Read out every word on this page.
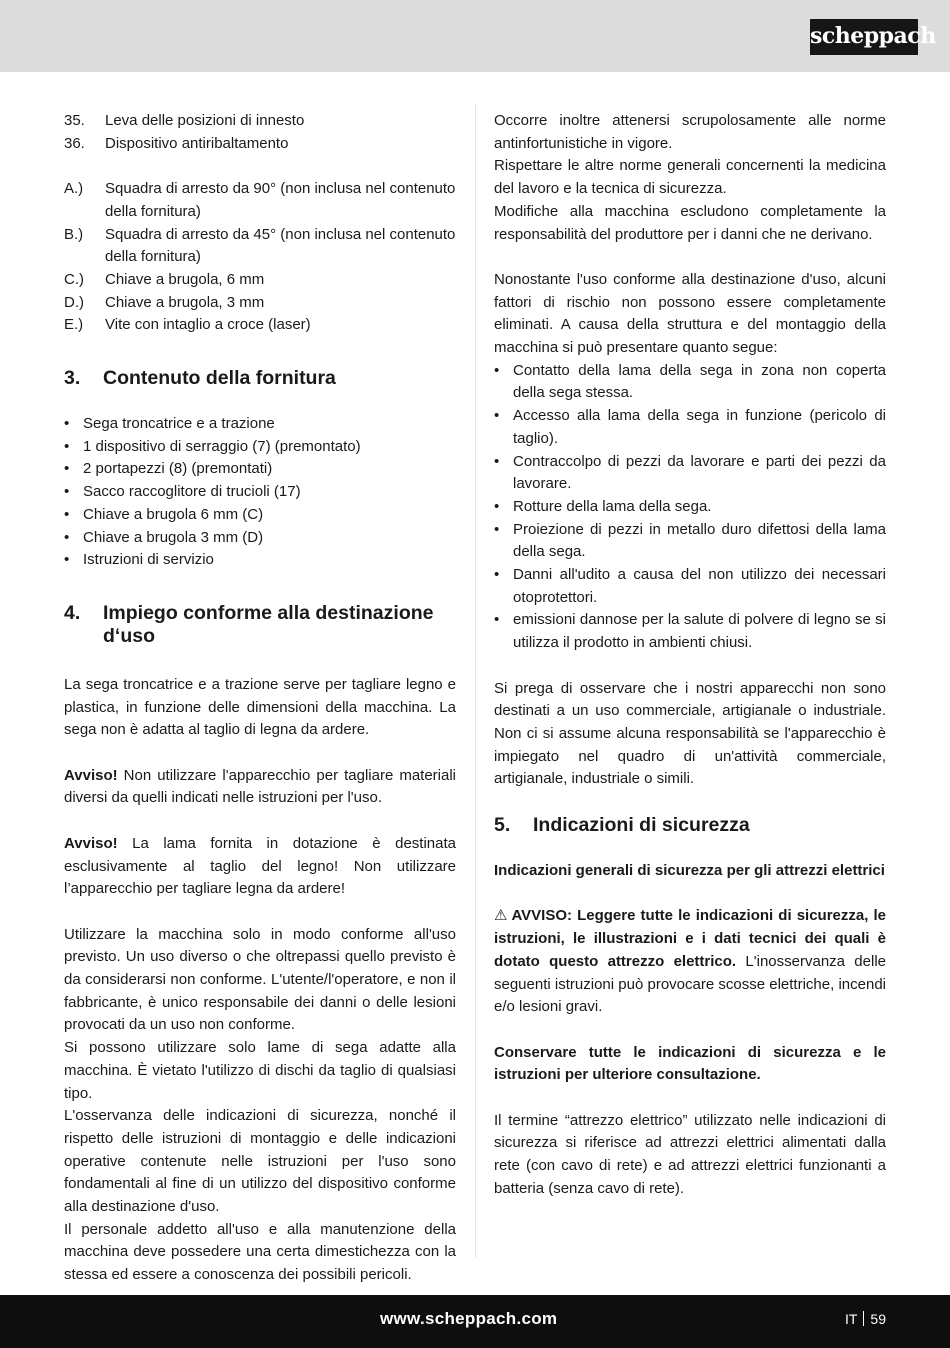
scheppach
35.	Leva delle posizioni di innesto
36.	Dispositivo antiribaltamento
A.)	Squadra di arresto da 90° (non inclusa nel contenuto della fornitura)
B.)	Squadra di arresto da 45° (non inclusa nel contenuto della fornitura)
C.)	Chiave a brugola, 6 mm
D.)	Chiave a brugola, 3 mm
E.)	Vite con intaglio a croce (laser)
3.	Contenuto della fornitura
• Sega troncatrice e a trazione
• 1 dispositivo di serraggio (7) (premontato)
• 2 portapezzi (8) (premontati)
• Sacco raccoglitore di trucioli (17)
• Chiave a brugola 6 mm (C)
• Chiave a brugola 3 mm (D)
• Istruzioni di servizio
4.	Impiego conforme alla destinazione d‘uso

La sega troncatrice e a trazione serve per tagliare legno e plastica, in funzione delle dimensioni della macchina. La sega non è adatta al taglio di legna da ardere.

Avviso! Non utilizzare l'apparecchio per tagliare materiali diversi da quelli indicati nelle istruzioni per l'uso.

Avviso! La lama fornita in dotazione è destinata esclusivamente al taglio del legno! Non utilizzare l’apparecchio per tagliare legna da ardere!

Utilizzare la macchina solo in modo conforme all'uso previsto. Un uso diverso o che oltrepassi quello previsto è da considerarsi non conforme. L'utente/l'operatore, e non il fabbricante, è unico responsabile dei danni o delle lesioni provocati da un uso non conforme.

Si possono utilizzare solo lame di sega adatte alla macchina. È vietato l'utilizzo di dischi da taglio di qualsiasi tipo.

L'osservanza delle indicazioni di sicurezza, nonché il rispetto delle istruzioni di montaggio e delle indicazioni operative contenute nelle istruzioni per l'uso sono fondamentali al fine di un utilizzo del dispositivo conforme alla destinazione d'uso.

Il personale addetto all'uso e alla manutenzione della macchina deve possedere una certa dimestichezza con la stessa ed essere a conoscenza dei possibili pericoli.

Occorre inoltre attenersi scrupolosamente alle norme antinfortunistiche in vigore.

Rispettare le altre norme generali concernenti la medicina del lavoro e la tecnica di sicurezza.

Modifiche alla macchina escludono completamente la responsabilità del produttore per i danni che ne derivano.

Nonostante l'uso conforme alla destinazione d'uso, alcuni fattori di rischio non possono essere completamente eliminati. A causa della struttura e del montaggio della macchina si può presentare quanto segue:

• Contatto della lama della sega in zona non coperta della sega stessa.
• Accesso alla lama della sega in funzione (pericolo di taglio).
• Contraccolpo di pezzi da lavorare e parti dei pezzi da lavorare.
• Rotture della lama della sega.
• Proiezione di pezzi in metallo duro difettosi della lama della sega.
• Danni all'udito a causa del non utilizzo dei necessari otoprotettori.
• emissioni dannose per la salute di polvere di legno se si utilizza il prodotto in ambienti chiusi.

Si prega di osservare che i nostri apparecchi non sono destinati a un uso commerciale, artigianale o industriale. Non ci si assume alcuna responsabilità se l'apparecchio è impiegato nel quadro di un'attività commerciale, artigianale, industriale o simili.

5.	Indicazioni di sicurezza

Indicazioni generali di sicurezza per gli attrezzi elettrici

⚠ AVVISO: Leggere tutte le indicazioni di sicurezza, le istruzioni, le illustrazioni e i dati tecnici dei quali è dotato questo attrezzo elettrico. L'inosservanza delle seguenti istruzioni può provocare scosse elettriche, incendi e/o lesioni gravi.

Conservare tutte le indicazioni di sicurezza e le istruzioni per ulteriore consultazione.

Il termine “attrezzo elettrico” utilizzato nelle indicazioni di sicurezza si riferisce ad attrezzi elettrici alimentati dalla rete (con cavo di rete) e ad attrezzi elettrici funzionanti a batteria (senza cavo di rete).

www.scheppach.com	IT 59
